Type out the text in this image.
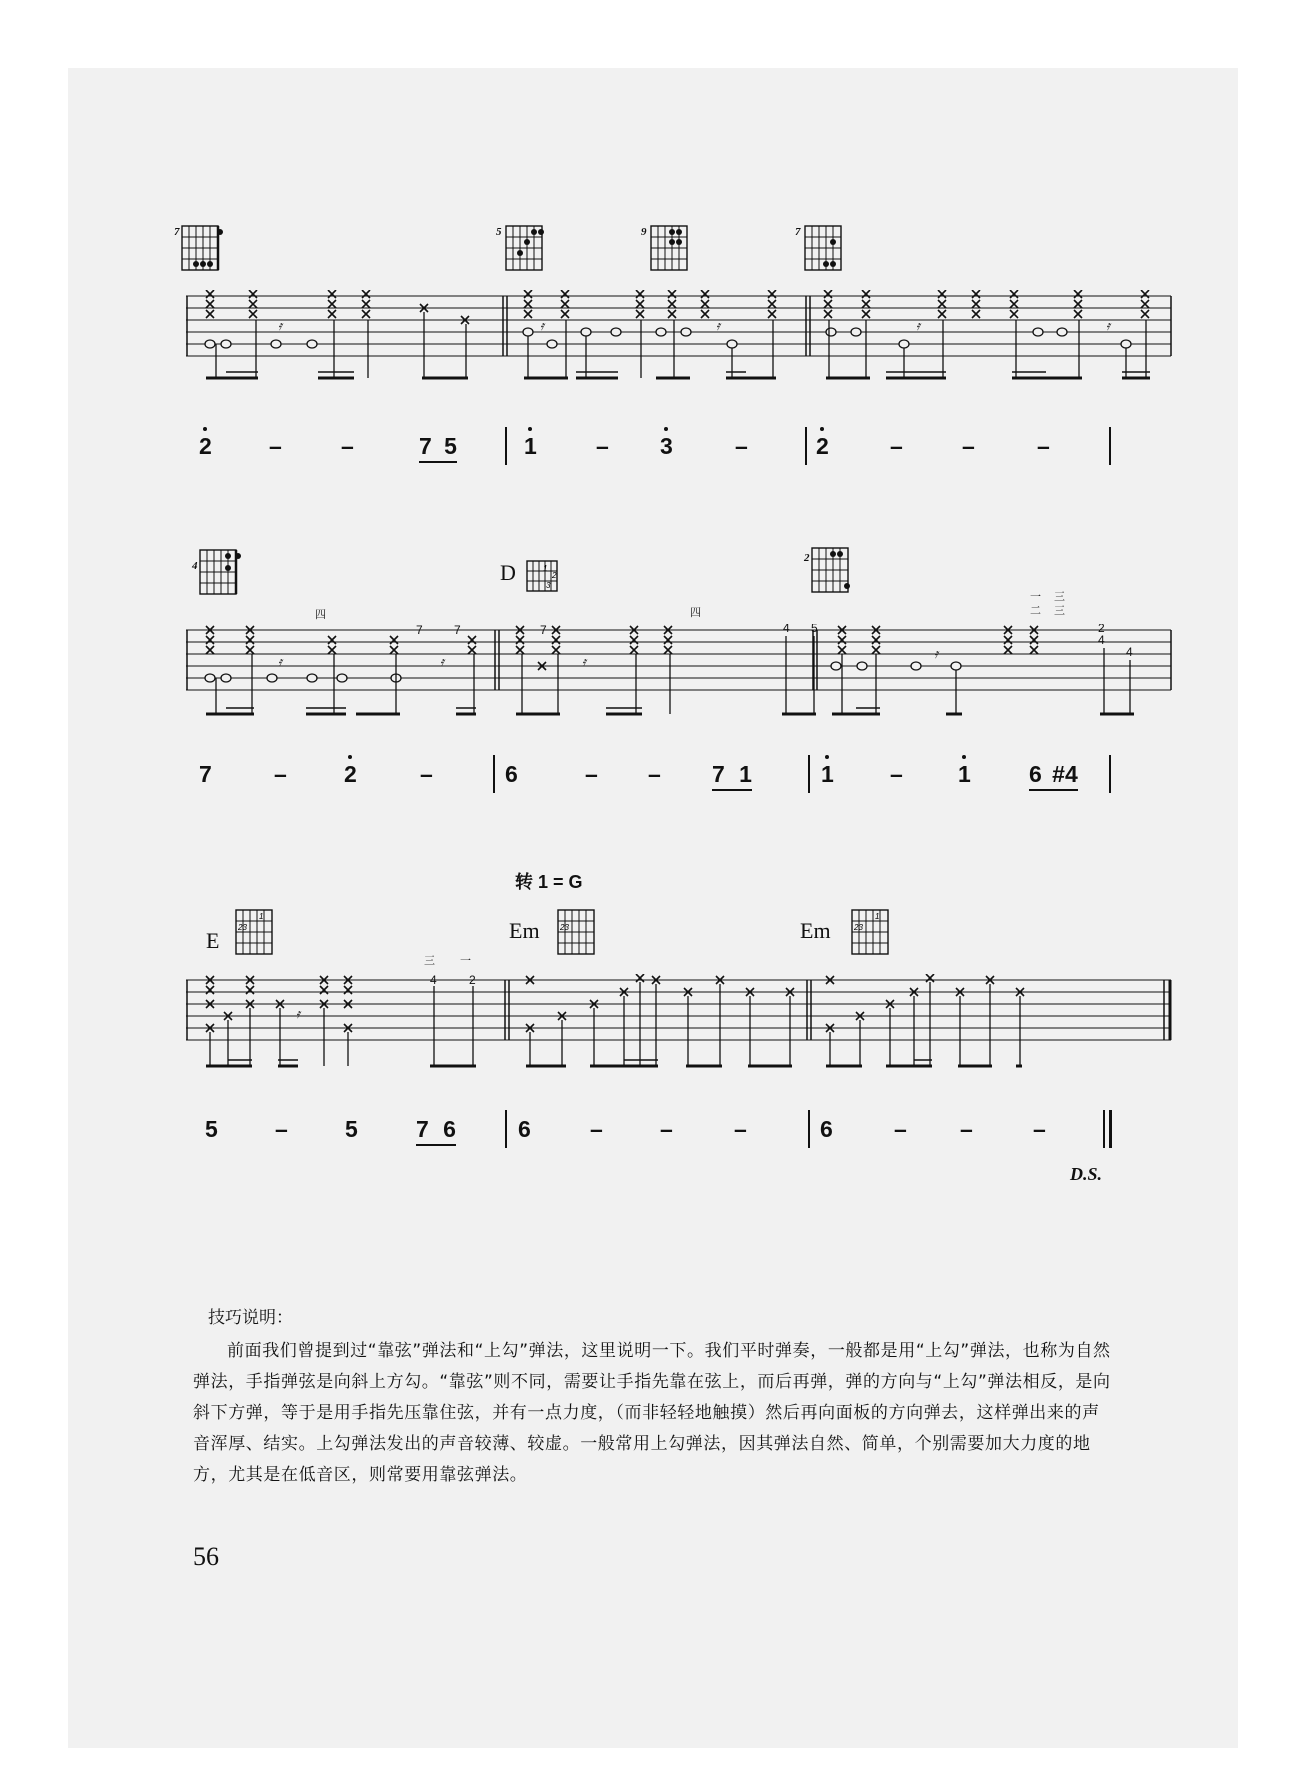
7	5	9	7
𝄿	𝄿	𝄿	𝄿	𝄿
2 –	–	7 5	1	– 3	–	2	–	–	–
4	D	1
2
3
2
四	四
一 三
二 三
7	7	7	4 5	2
4
4
𝄿	𝄿	𝄿
𝄿
7	– 2	–	6	– – 7 1	1 – 1	6 #4
转 1 = G
E
1
23	Em	23	Em
1
23
三 一
4	2
𝄿
5 – 5	7 6	6	– –	–	6	– –	–
D.S.
技巧说明：
前面我们曾提到过“靠弦”弹法和“上勾”弹法，这里说明一下。我们平时弹奏，一般都是用“上勾”弹法，也称为自然弹法，手指弹弦是向斜上方勾。“靠弦”则不同，需要让手指先靠在弦上，而后再弹，弹的方向与“上勾”弹法相反，是向斜下方弹，等于是用手指先压靠住弦，并有一点力度，（而非轻轻地触摸）然后再向面板的方向弹去，这样弹出来的声音浑厚、结实。上勾弹法发出的声音较薄、较虚。一般常用上勾弹法，因其弹法自然、简单，个别需要加大力度的地方，尤其是在低音区，则常要用靠弦弹法。
56
